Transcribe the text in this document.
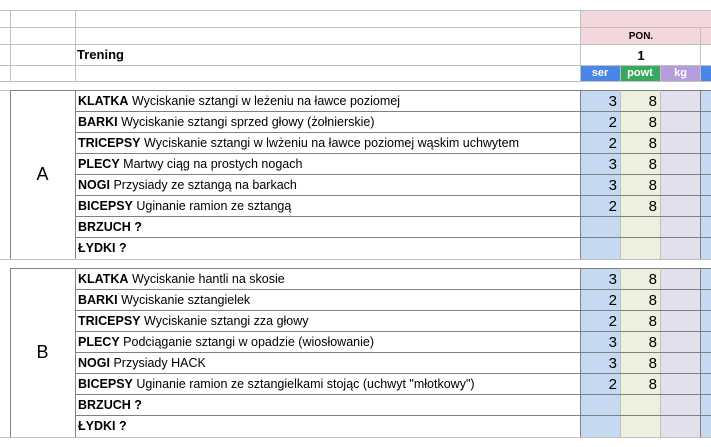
A
KLATKA Wyciskanie sztangi w leżeniu na ławce poziomej	3	8
BARKI Wyciskanie sztangi sprzed głowy (żołnierskie)	2	8
TRICEPSY Wyciskanie sztangi w lwżeniu na ławce poziomej wąskim uchwytem	2	8
PLECY Martwy ciąg na prostych nogach	3	8
NOGI Przysiady ze sztangą na barkach	3	8
BICEPSY Uginanie ramion ze sztangą	2	8
BRZUCH ?
ŁYDKI ?
B
KLATKA Wyciskanie hantli na skosie	3	8
BARKI Wyciskanie sztangielek	2	8
TRICEPSY Wyciskanie sztangi zza głowy	2	8
PLECY Podciąganie sztangi w opadzie (wiosłowanie)	3	8
NOGI Przysiady HACK	3	8
BICEPSY Uginanie ramion ze sztangielkami stojąc (uchwyt "młotkowy")	2	8
BRZUCH ?
ŁYDKI ?
PON.
Trening	1
ser	powt	kg
